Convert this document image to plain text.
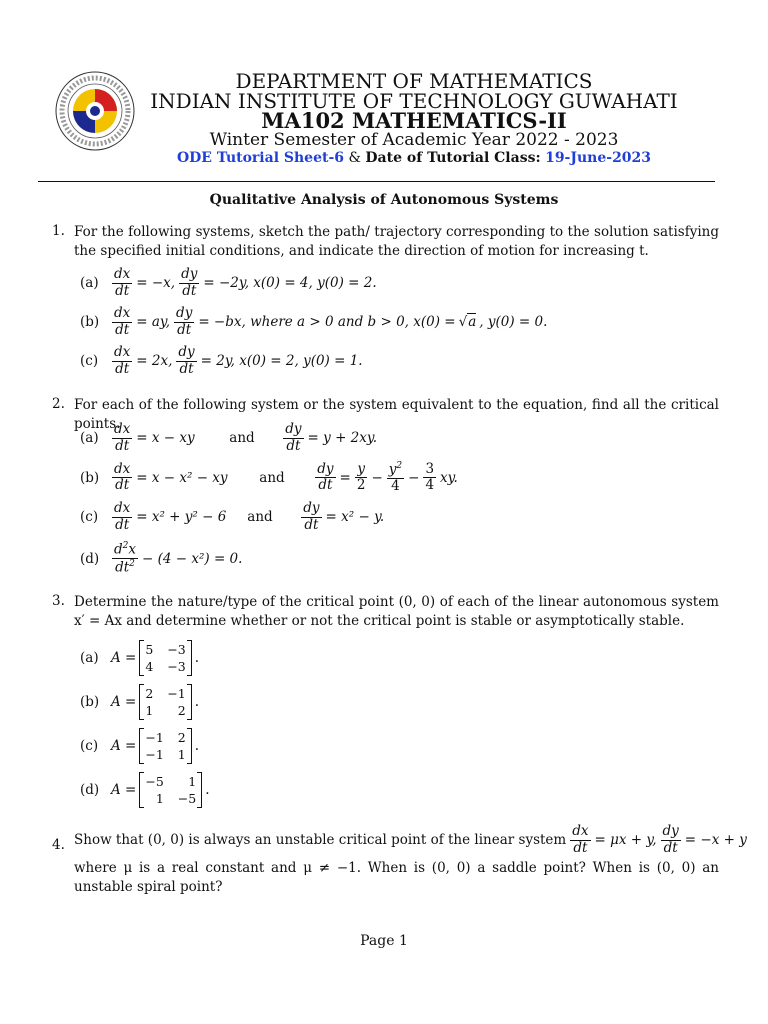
DEPARTMENT OF MATHEMATICS
INDIAN INSTITUTE OF TECHNOLOGY GUWAHATI
MA102 MATHEMATICS-II
Winter Semester of Academic Year 2022 - 2023
ODE Tutorial Sheet-6 & Date of Tutorial Class: 19-June-2023
Qualitative Analysis of Autonomous Systems
1. For the following systems, sketch the path/ trajectory corresponding to the solution satisfying the specified initial conditions, and indicate the direction of motion for increasing t.
$(a) \frac{dx}{dt} = -x$, $\frac{dy}{dt} = -2y$, x(0) = 4, y(0) = 2.
$(b) \frac{dx}{dt}$ = ay, $\frac{dy}{dt} = -bx$, where a > 0 and b > 0, x(0) = √a , y(0) = 0.
(c)	$\frac{dx}{dt} = 2x$, $\frac{dy}{dt} = 2y$, x(0) = 2, y(0) = 1.
2. For each of the following system or the system equivalent to the equation, find all the critical points.
$(a) \frac{dx}{dt} = x$ − xy	and	$\frac{dy}{dt} = y + 2xy$.
$(b) \frac{dx}{dt} = x - x^2$ − xy	and	$\frac{dy}{dt} = \frac{y}{2} - \frac{y^2}{4} - \frac{3}{4}$ xy.
(c)	$\frac{dx}{dt} = x^2 + y^2 - 6$	and	$\frac{dy}{dt} = x^2 - y$.
$(d) \frac{d^2x}{dt^2} - (4 - x^2) = 0$.
3. Determine the nature/type of the critical point (0, 0) of each of the linear autonomous system x′ = Ax and determine whether or not the critical point is stable or asymptotically stable.
(a) A =
5 −3
4 −3
.
(b) A =
2 −1
1	2
.
(c) A =
−1 2
−1 1
.
(d) A =
−5	1
1 −5
.
4. Show that (0, 0) is always an unstable critical point of the linear system $\frac{dx}{dt} = \mu x + y$, $\frac{dy}{dt} = -x + y$
where μ is a real constant and μ ≠ −1. When is (0, 0) a saddle point? When is (0, 0) an unstable spiral point?
Page 1
